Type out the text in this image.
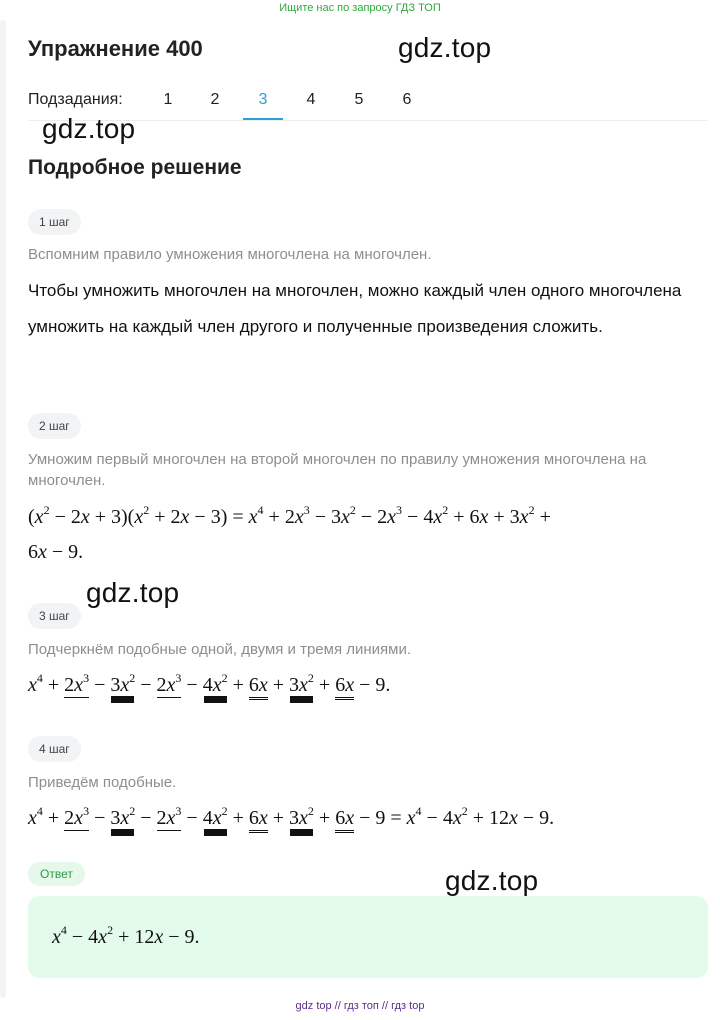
Ищите нас по запросу ГДЗ ТОП
Упражнение 400
Подзадания:	1	2	3	4	5	6
Подробное решение
1 шаг
Вспомним правило умножения многочлена на многочлен.
Чтобы умножить многочлен на многочлен, можно каждый член одного многочлена умножить на каждый член другого и полученные произведения сложить.
2 шаг
Умножим первый многочлен на второй многочлен по правилу умножения многочлена на многочлен.
$(x^2 - 2x + 3)(x^2 + 2x - 3) = x^4 + 2x^3 - 3x^2 - 2x^3 - 4x^2 + 6x + 3x^2$ +
6x − 9.
3 шаг
Подчеркнём подобные одной, двумя и тремя линиями.
$x^4 + 2x^3 - 3x^2 - 2x^3 - 4x^2 + 6x + 3x^2 + 6x - 9$.
4 шаг
Приведём подобные.
$x^4 + 2x^3 - 3x^2 - 2x^3 - 4x^2 + 6x + 3x^2 + 6x - 9 = x^4 - 4x^2 + 12x - 9$.
Ответ
$x^4 - 4x^2 + 12x - 9$.
gdz.top
gdz.top
gdz.top
gdz.top
gdz top // гдз топ // гдз top
